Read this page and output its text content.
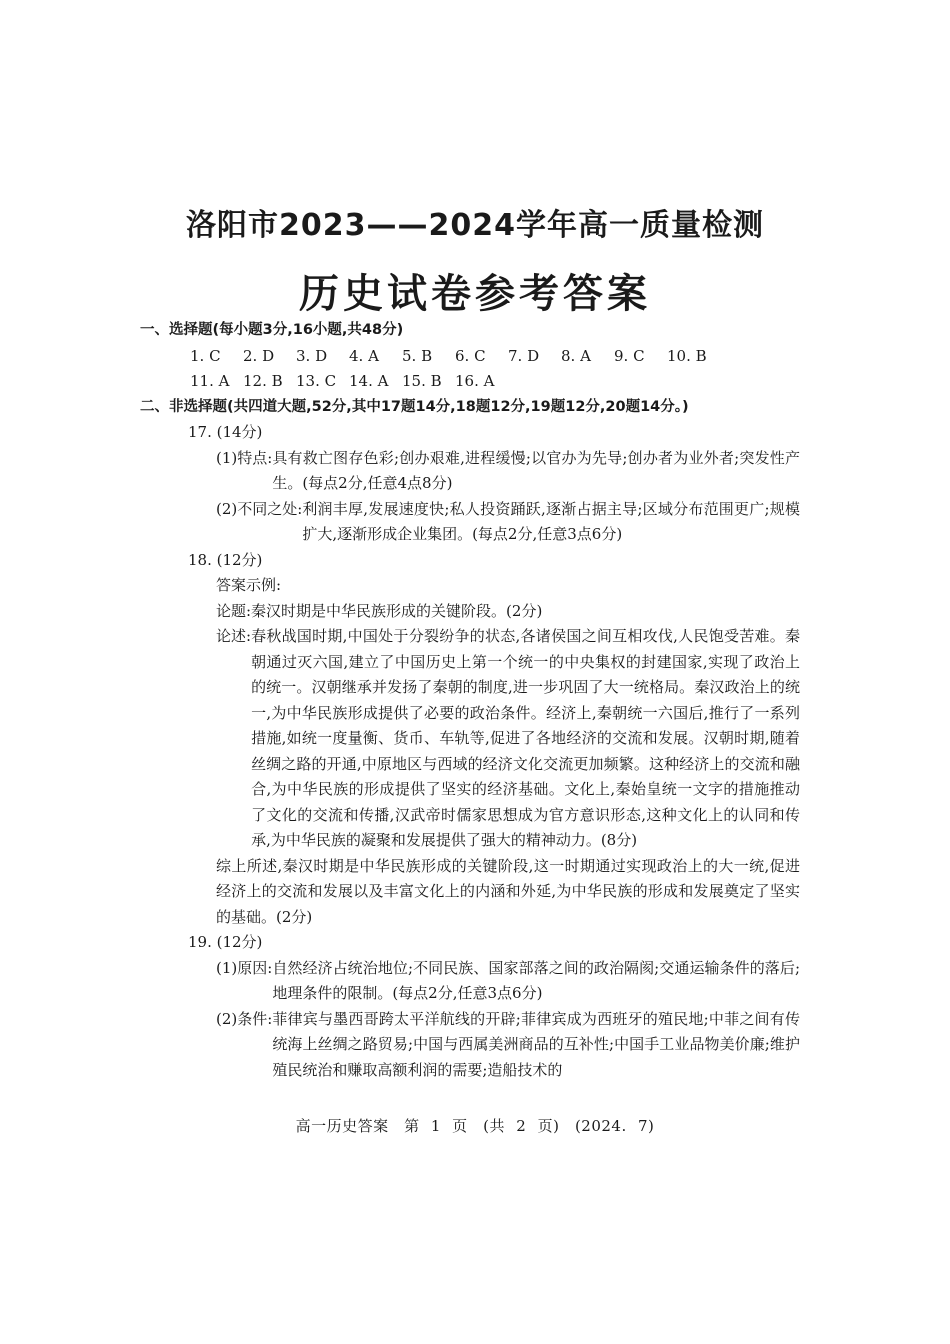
洛阳市2023——2024学年高一质量检测
历史试卷参考答案
一、选择题(每小题3分,16小题,共48分)
1. C	2. D	3. D	4. A	5. B	6. C	7. D	8. A	9. C	10. B
11. A 12. B 13. C 14. A 15. B 16. A
二、非选择题(共四道大题,52分,其中17题14分,18题12分,19题12分,20题14分。)
17. (14分)
(1)特点: 具有救亡图存色彩;创办艰难,进程缓慢;以官办为先导;创办者为业外者;突发性产生。(每点2分,任意4点8分)
(2)不同之处: 利润丰厚,发展速度快;私人投资踊跃,逐渐占据主导;区域分布范围更广;规模扩大,逐渐形成企业集团。(每点2分,任意3点6分)
18. (12分)
答案示例:
论题:秦汉时期是中华民族形成的关键阶段。(2分)
论述: 春秋战国时期,中国处于分裂纷争的状态,各诸侯国之间互相攻伐,人民饱受苦难。秦朝通过灭六国,建立了中国历史上第一个统一的中央集权的封建国家,实现了政治上的统一。汉朝继承并发扬了秦朝的制度,进一步巩固了大一统格局。秦汉政治上的统一,为中华民族形成提供了必要的政治条件。经济上,秦朝统一六国后,推行了一系列措施,如统一度量衡、货币、车轨等,促进了各地经济的交流和发展。汉朝时期,随着丝绸之路的开通,中原地区与西域的经济文化交流更加频繁。这种经济上的交流和融合,为中华民族的形成提供了坚实的经济基础。文化上,秦始皇统一文字的措施推动了文化的交流和传播,汉武帝时儒家思想成为官方意识形态,这种文化上的认同和传承,为中华民族的凝聚和发展提供了强大的精神动力。(8分)
综上所述,秦汉时期是中华民族形成的关键阶段,这一时期通过实现政治上的大一统,促进经济上的交流和发展以及丰富文化上的内涵和外延,为中华民族的形成和发展奠定了坚实的基础。(2分)
19. (12分)
(1)原因: 自然经济占统治地位;不同民族、国家部落之间的政治隔阂;交通运输条件的落后;地理条件的限制。(每点2分,任意3点6分)
(2)条件: 菲律宾与墨西哥跨太平洋航线的开辟;菲律宾成为西班牙的殖民地;中菲之间有传统海上丝绸之路贸易;中国与西属美洲商品的互补性;中国手工业品物美价廉;维护殖民统治和赚取高额利润的需要;造船技术的
高一历史答案　第 1 页　(共 2 页)　(2024. 7)
